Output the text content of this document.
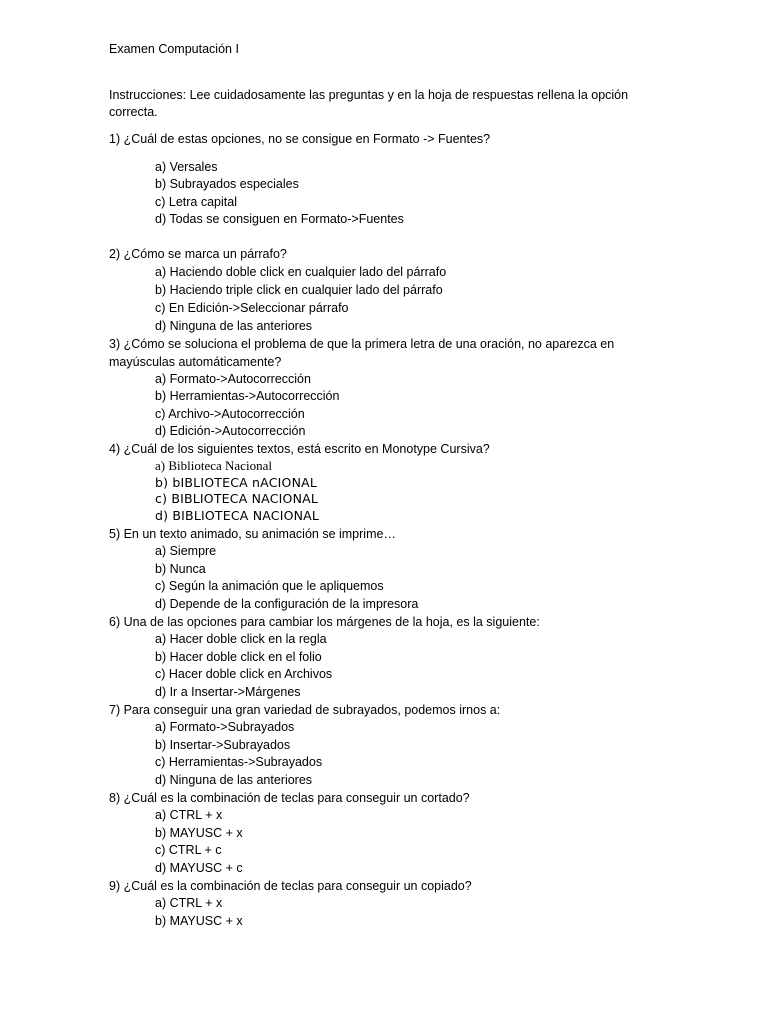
Examen Computación I
Instrucciones: Lee cuidadosamente las preguntas y en la hoja de respuestas rellena la opción correcta.
1) ¿Cuál de estas opciones, no se consigue en Formato -> Fuentes?
a) Versales
b) Subrayados especiales
c) Letra capital
d) Todas se consiguen en Formato->Fuentes
2) ¿Cómo se marca un párrafo?
a) Haciendo doble click en cualquier lado del párrafo
b) Haciendo triple click en cualquier lado del párrafo
c) En Edición->Seleccionar párrafo
d) Ninguna de las anteriores
3) ¿Cómo se soluciona el problema de que la primera letra de una oración, no aparezca en mayúsculas automáticamente?
a) Formato->Autocorrección
b) Herramientas->Autocorrección
c) Archivo->Autocorrección
d) Edición->Autocorrección
4) ¿Cuál de los siguientes textos, está escrito en Monotype Cursiva?
a) Biblioteca Nacional
b) bIBLIOTECA nACIONAL
c) BIBLIOTECA NACIONAL
d) BIBLIOTECA NACIONAL
5) En un texto animado, su animación se imprime…
a) Siempre
b) Nunca
c) Según la animación que le apliquemos
d) Depende de la configuración de la impresora
6) Una de las opciones para cambiar los márgenes de la hoja, es la siguiente:
a) Hacer doble click en la regla
b) Hacer doble click en el folio
c) Hacer doble click en Archivos
d) Ir a Insertar->Márgenes
7) Para conseguir una gran variedad de subrayados, podemos irnos a:
a) Formato->Subrayados
b) Insertar->Subrayados
c) Herramientas->Subrayados
d) Ninguna de las anteriores
8) ¿Cuál es la combinación de teclas para conseguir un cortado?
a) CTRL + x
b) MAYUSC + x
c) CTRL + c
d) MAYUSC + c
9) ¿Cuál es la combinación de teclas para conseguir un copiado?
a) CTRL + x
b) MAYUSC + x
